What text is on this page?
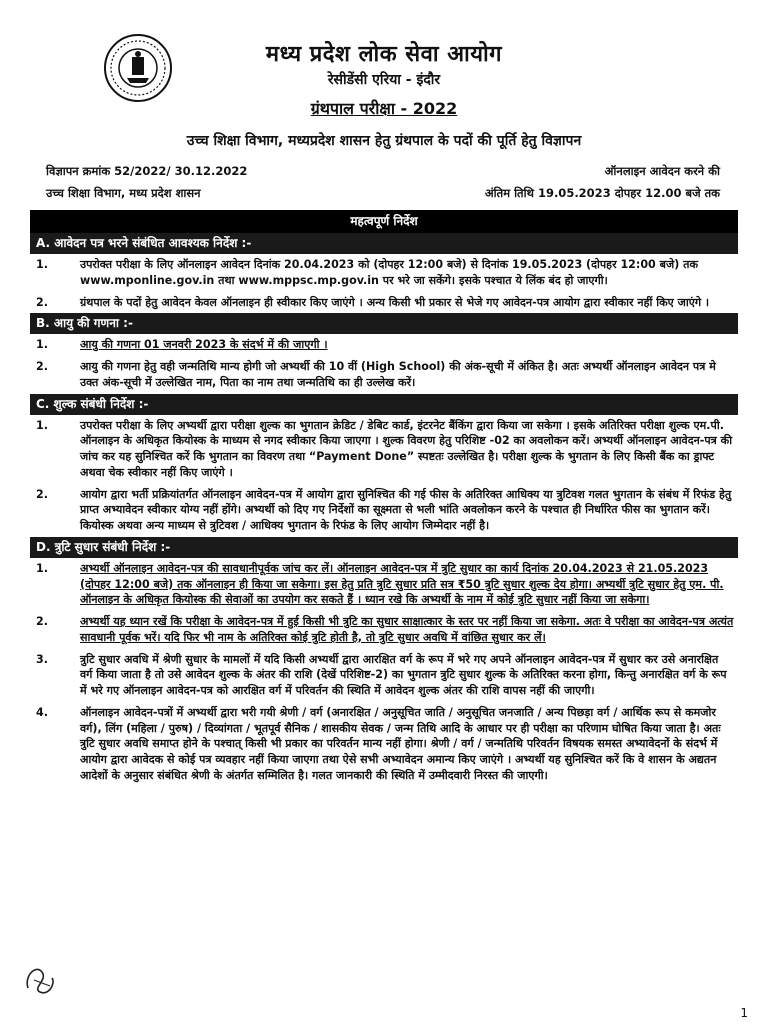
मध्य प्रदेश लोक सेवा आयोग
रेसीडेंसी एरिया - इंदौर
ग्रंथपाल परीक्षा - 2022
उच्च शिक्षा विभाग, मध्यप्रदेश शासन हेतु ग्रंथपाल के पदों की पूर्ति हेतु विज्ञापन
विज्ञापन क्रमांक 52/2022/ 30.12.2022
उच्च शिक्षा विभाग, मध्य प्रदेश शासन
ऑनलाइन आवेदन करने की
अंतिम तिथि 19.05.2023 दोपहर 12.00 बजे तक
महत्वपूर्ण निर्देश	
A. आवेदन पत्र भरने संबंधित आवश्यक निर्देश :-	
1.	उपरोक्त परीक्षा के लिए ऑनलाइन आवेदन दिनांक 20.04.2023 को (दोपहर 12:00 बजे) से दिनांक 19.05.2023 (दोपहर 12:00 बजे) तक www.mponline.gov.in तथा www.mppsc.mp.gov.in पर भरे जा सकेंगे। इसके पश्चात ये लिंक बंद हो जाएगी।
2.	ग्रंथपाल के पदों हेतु आवेदन केवल ऑनलाइन ही स्वीकार किए जाएंगे । अन्य किसी भी प्रकार से भेजे गए आवेदन-पत्र आयोग द्वारा स्वीकार नहीं किए जाएंगे ।
B. आयु की गणना :-	
1.	आयु की गणना 01 जनवरी 2023 के संदर्भ में की जाएगी ।
2.	आयु की गणना हेतु वही जन्मतिथि मान्य होगी जो अभ्यर्थी की 10 वीं (High School) की अंक-सूची में अंकित है। अतः अभ्यर्थी ऑनलाइन आवेदन पत्र मे उक्त अंक-सूची में उल्लेखित नाम, पिता का नाम तथा जन्मतिथि का ही उल्लेख करें।
C. शुल्क संबंधी निर्देश :-	
1.	उपरोक्त परीक्षा के लिए अभ्यर्थी द्वारा परीक्षा शुल्क का भुगतान क्रेडिट / डेबिट कार्ड, इंटरनेट बैंकिंग द्वारा किया जा सकेगा । इसके अतिरिक्त परीक्षा शुल्क एम.पी. ऑनलाइन के अधिकृत कियोस्क के माध्यम से नगद स्वीकार किया जाएगा । शुल्क विवरण हेतु परिशिष्ट -02 का अवलोकन करें। अभ्यर्थी ऑनलाइन आवेदन-पत्र की जांच कर यह सुनिश्चित करें कि भुगतान का विवरण तथा “Payment Done” स्पष्टतः उल्लेखित है। परीक्षा शुल्क के भुगतान के लिए किसी बैंक का ड्राफ्ट अथवा चेक स्वीकार नहीं किए जाएंगे ।
2.	आयोग द्वारा भर्ती प्रक्रियांतर्गत ऑनलाइन आवेदन-पत्र में आयोग द्वारा सुनिश्चित की गई फीस के अतिरिक्त आधिक्य या त्रुटिवश गलत भुगतान के संबंध में रिफंड हेतु प्राप्त अभ्यावेदन स्वीकार योग्य नहीं होंगे। अभ्यर्थी को दिए गए निर्देशों का सूक्ष्मता से भली भांति अवलोकन करने के पश्चात ही निर्धारित फीस का भुगतान करें। कियोस्क अथवा अन्य माध्यम से त्रुटिवश / आधिक्य भुगतान के रिफंड के लिए आयोग जिम्मेदार नहीं है।
D. त्रुटि सुधार संबंधी निर्देश :-	
1.	अभ्यर्थी ऑनलाइन आवेदन-पत्र की सावधानीपूर्वक जांच कर लें। ऑनलाइन आवेदन-पत्र में त्रुटि सुधार का कार्य दिनांक 20.04.2023 से 21.05.2023 (दोपहर 12:00 बजे) तक ऑनलाइन ही किया जा सकेगा। इस हेतु प्रति त्रुटि सुधार प्रति सत्र ₹50 त्रुटि सुधार शुल्क देय होगा। अभ्यर्थी त्रुटि सुधार हेतु एम. पी. ऑनलाइन के अधिकृत कियोस्क की सेवाओं का उपयोग कर सकते हैं । ध्यान रखे कि अभ्यर्थी के नाम में कोई त्रुटि सुधार नहीं किया जा सकेगा।
2.	अभ्यर्थी यह ध्यान रखें कि परीक्षा के आवेदन-पत्र में हुई किसी भी त्रुटि का सुधार साक्षात्कार के स्तर पर नहीं किया जा सकेगा. अतः वे परीक्षा का आवेदन-पत्र अत्यंत सावधानी पूर्वक भरें। यदि फिर भी नाम के अतिरिक्त कोई त्रुटि होती है, तो त्रुटि सुधार अवधि में वांछित सुधार कर लें।
3.	त्रुटि सुधार अवधि में श्रेणी सुधार के मामलों में यदि किसी अभ्यर्थी द्वारा आरक्षित वर्ग के रूप में भरे गए अपने ऑनलाइन आवेदन-पत्र में सुधार कर उसे अनारक्षित वर्ग किया जाता है तो उसे आवेदन शुल्क के अंतर की राशि (देखें परिशिष्ट-2) का भुगतान त्रुटि सुधार शुल्क के अतिरिक्त करना होगा, किन्तु अनारक्षित वर्ग के रूप में भरे गए ऑनलाइन आवेदन-पत्र को आरक्षित वर्ग में परिवर्तन की स्थिति में आवेदन शुल्क अंतर की राशि वापस नहीं की जाएगी।
4.	ऑनलाइन आवेदन-पत्रों में अभ्यर्थी द्वारा भरी गयी श्रेणी / वर्ग (अनारक्षित / अनुसूचित जाति / अनुसूचित जनजाति / अन्य पिछड़ा वर्ग / आर्थिक रूप से कमजोर वर्ग), लिंग (महिला / पुरुष) / दिव्यांगता / भूतपूर्व सैनिक / शासकीय सेवक / जन्म तिथि आदि के आधार पर ही परीक्षा का परिणाम घोषित किया जाता है। अतः त्रुटि सुधार अवधि समाप्त होने के पश्चात् किसी भी प्रकार का परिवर्तन मान्य नहीं होगा। श्रेणी / वर्ग / जन्मतिथि परिवर्तन विषयक समस्त अभ्यावेदनों के संदर्भ में आयोग द्वारा आवेदक से कोई पत्र व्यवहार नहीं किया जाएगा तथा ऐसे सभी अभ्यावेदन अमान्य किए जाएंगे । अभ्यर्थी यह सुनिश्चित करें कि वे शासन के अद्यतन आदेशों के अनुसार संबंधित श्रेणी के अंतर्गत सम्मिलित है। गलत जानकारी की स्थिति में उम्मीदवारी निरस्त की जाएगी।
1
